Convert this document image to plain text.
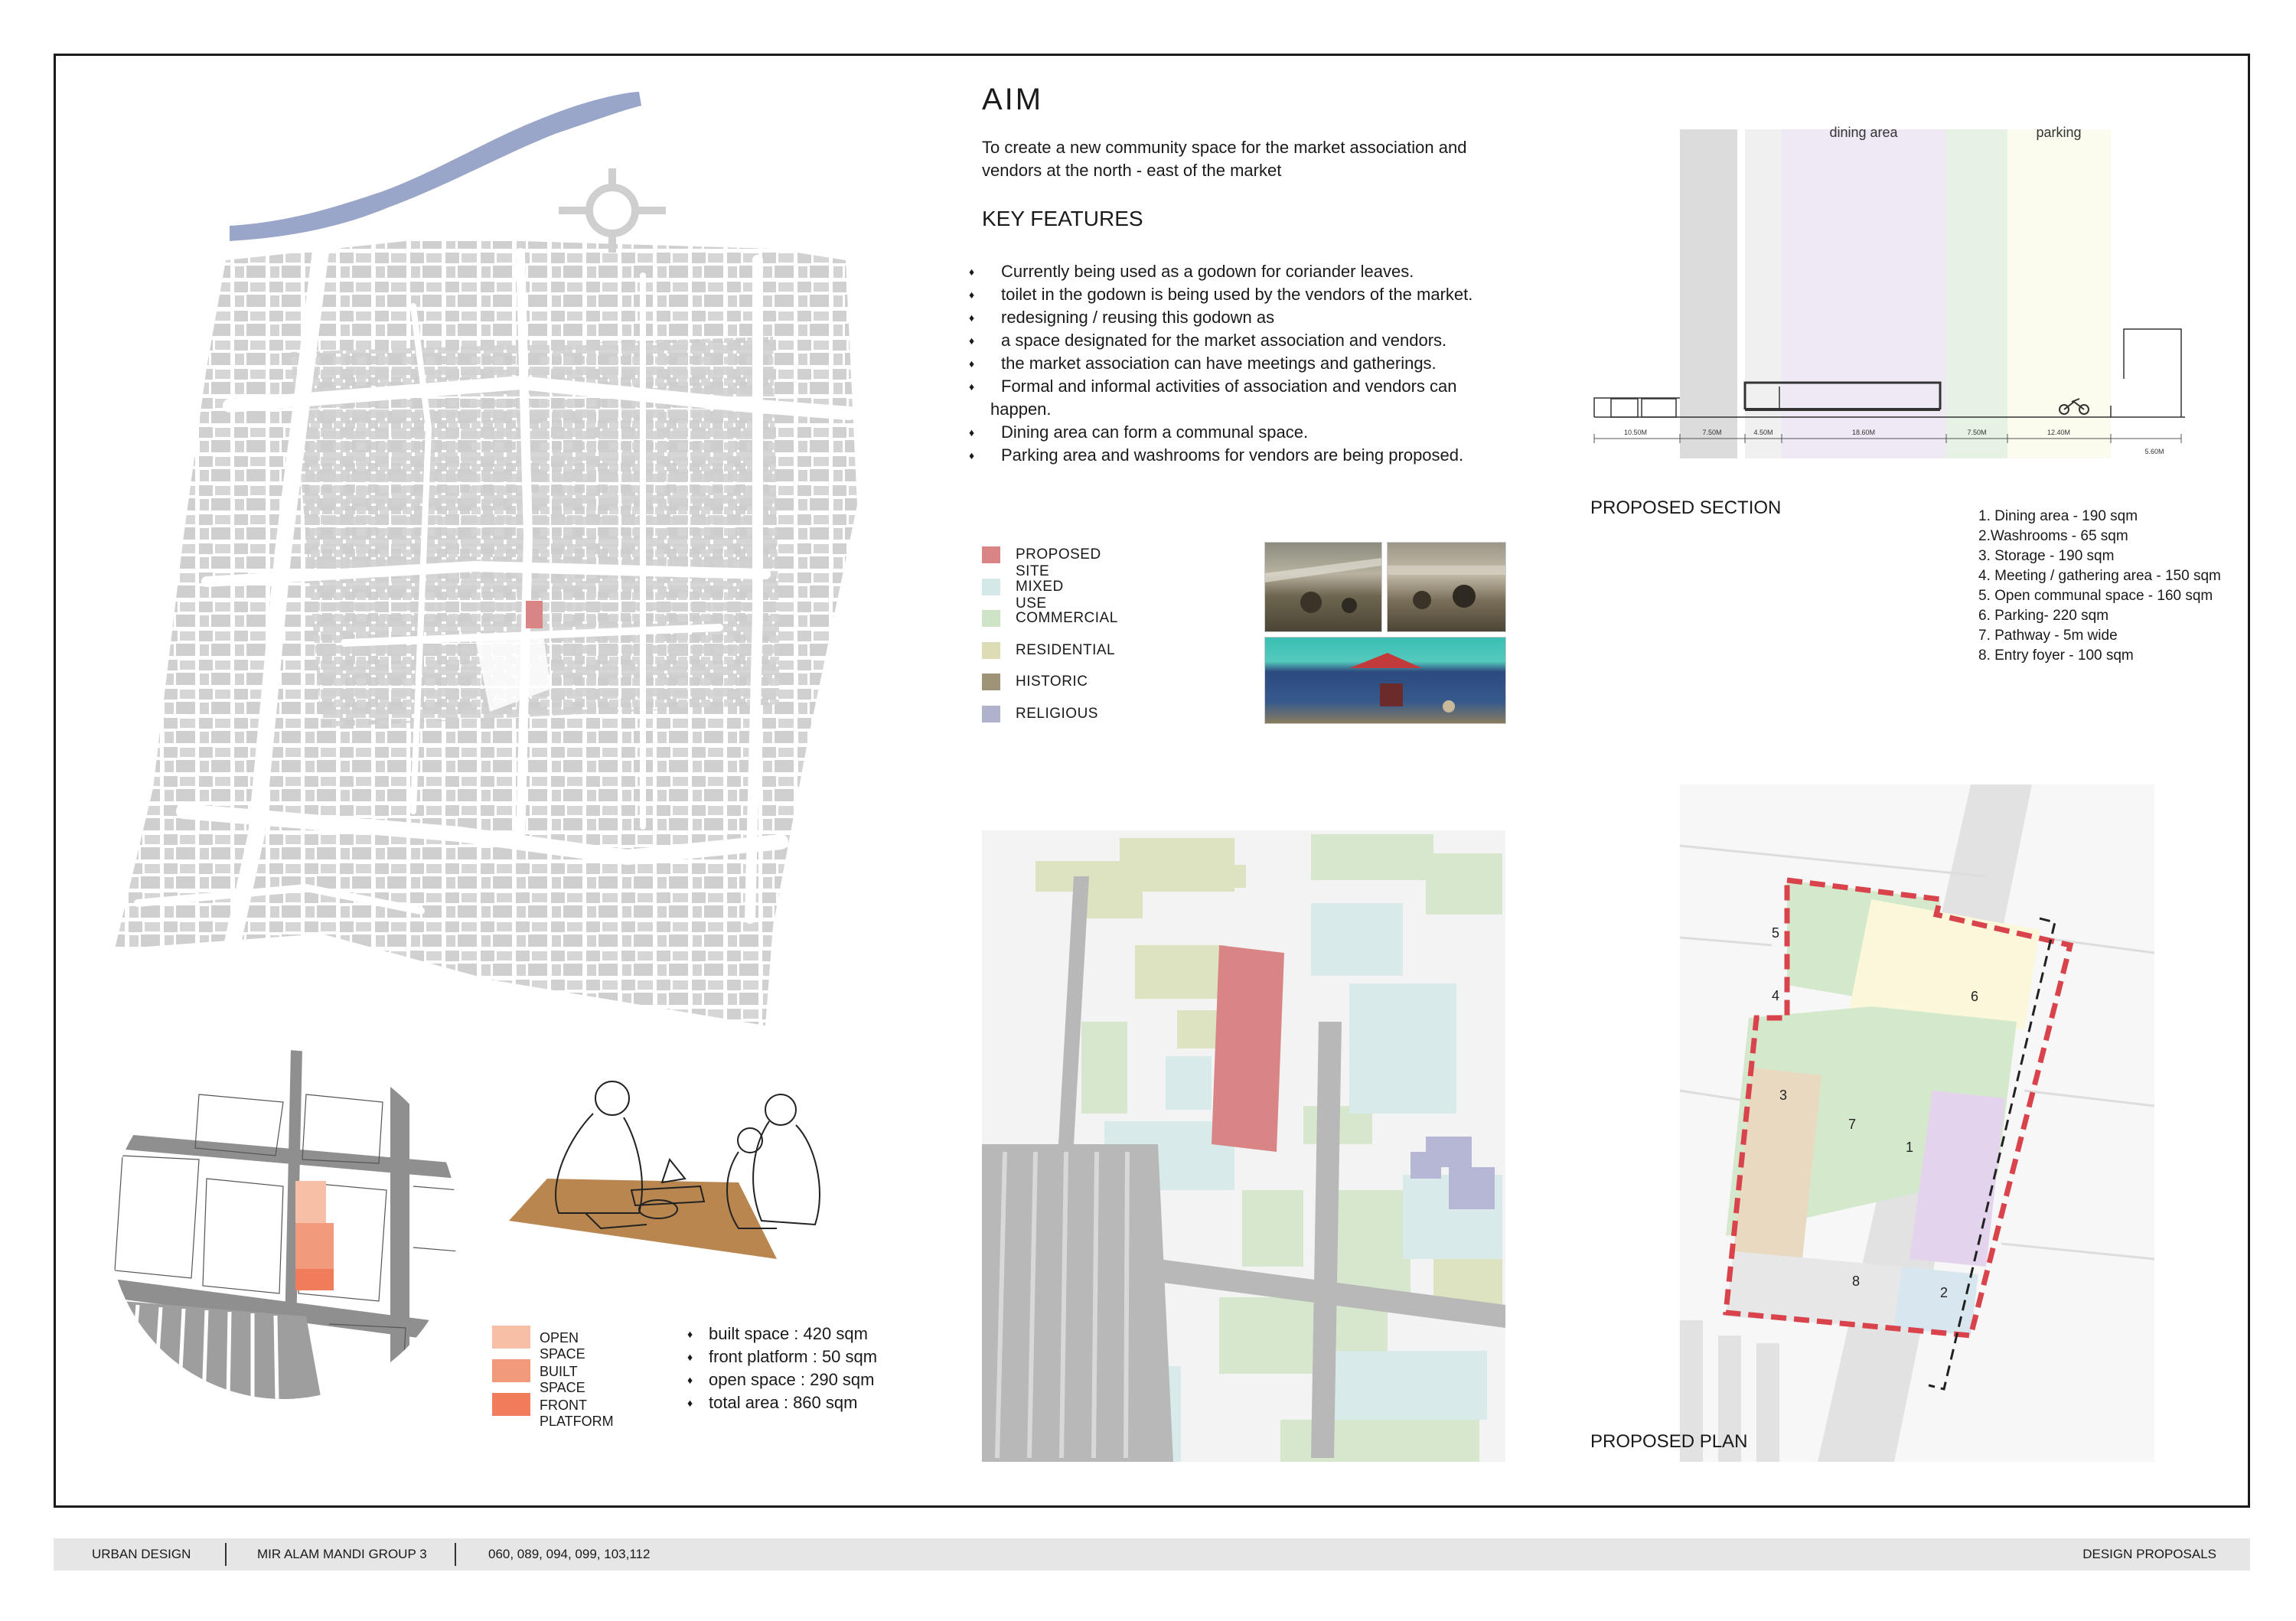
AIM
To create a new community space for the market association and vendors at the north - east of the market
KEY FEATURES
♦ Currently being used as a godown for coriander leaves.
♦ toilet in the godown is being used by the vendors of the market.
♦ redesigning / reusing this godown as
♦ a space designated for the market association and vendors.
♦ the market association can have meetings and gatherings.
♦ Formal and informal activities of association and vendors can happen.
♦ Dining area can form a communal space.
♦ Parking area and washrooms for vendors are being proposed.
PROPOSED SITE
MIXED USE
COMMERCIAL
RESIDENTIAL
HISTORIC
RELIGIOUS
10.50M	7.50M	4.50M	18.60M	7.50M	12.40M
5.60M
dining area	parking
PROPOSED SECTION	1. Dining area - 190 sqm
2.Washrooms - 65 sqm
3. Storage - 190 sqm
4. Meeting / gathering area - 150 sqm
5. Open communal space - 160 sqm
6. Parking- 220 sqm
7. Pathway - 5m wide
8. Entry foyer - 100 sqm
1
2
3
4
5
6
7
8
PROPOSED PLAN
OPEN SPACE
BUILT SPACE
FRONT PLATFORM
♦ built space : 420 sqm
♦ front platform : 50 sqm
♦ open space : 290 sqm
♦ total area : 860 sqm
URBAN DESIGN	MIR ALAM MANDI GROUP 3	060, 089, 094, 099, 103,112	DESIGN PROPOSALS
